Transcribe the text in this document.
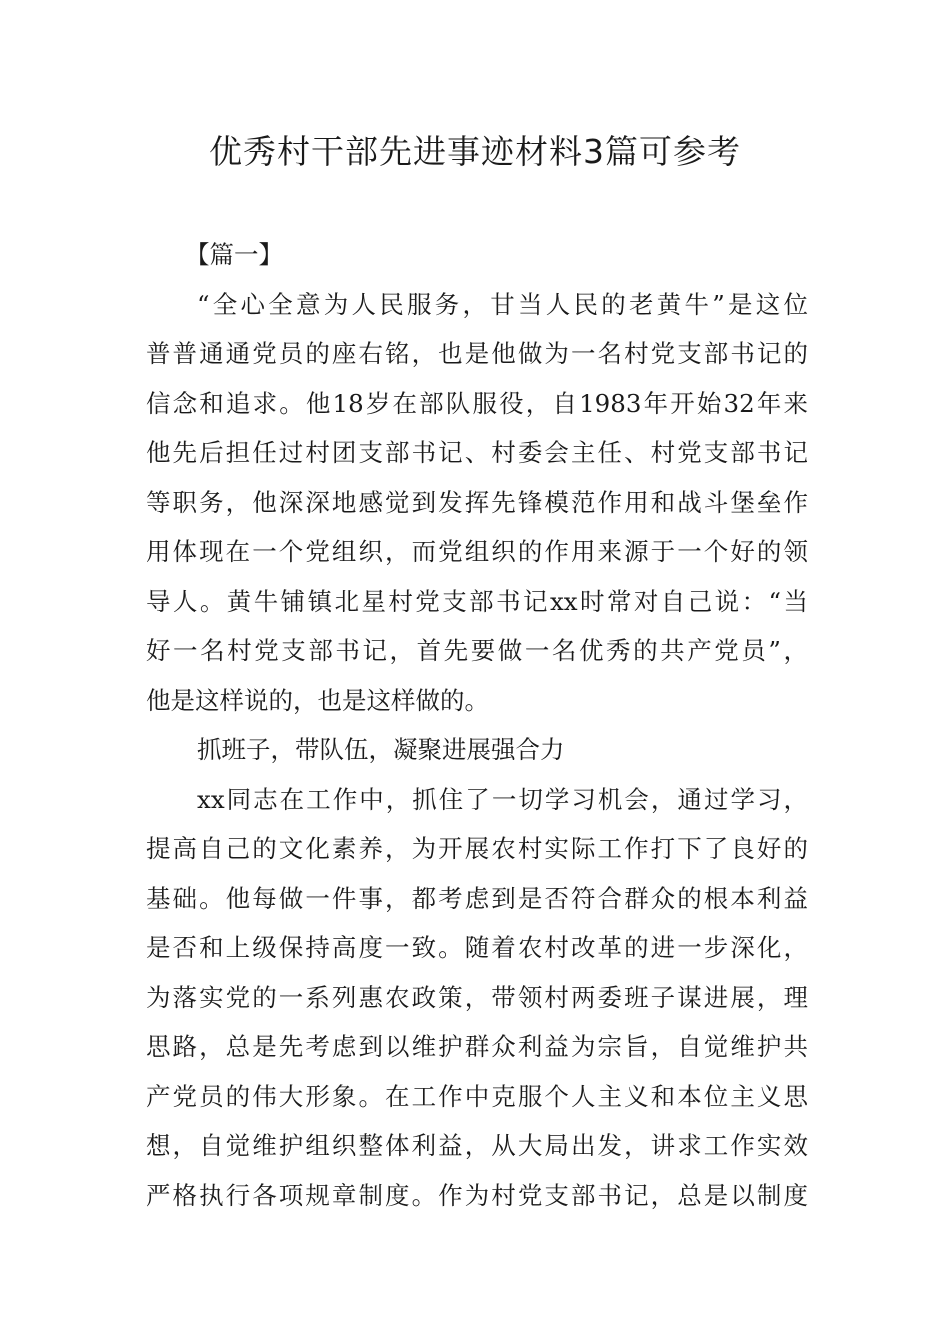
优秀村干部先进事迹材料3篇可参考
【篇一】
“全心全意为人民服务，甘当人民的老黄牛”是这位
普普通通党员的座右铭，也是他做为一名村党支部书记的
信念和追求。他18岁在部队服役，自1983年开始32年来
他先后担任过村团支部书记、村委会主任、村党支部书记
等职务，他深深地感觉到发挥先锋模范作用和战斗堡垒作
用体现在一个党组织，而党组织的作用来源于一个好的领
导人。黄牛铺镇北星村党支部书记xx时常对自己说：“当
好一名村党支部书记，首先要做一名优秀的共产党员”，
他是这样说的，也是这样做的。
抓班子，带队伍，凝聚进展强合力
xx同志在工作中，抓住了一切学习机会，通过学习，
提高自己的文化素养，为开展农村实际工作打下了良好的
基础。他每做一件事，都考虑到是否符合群众的根本利益
是否和上级保持高度一致。随着农村改革的进一步深化，
为落实党的一系列惠农政策，带领村两委班子谋进展，理
思路，总是先考虑到以维护群众利益为宗旨，自觉维护共
产党员的伟大形象。在工作中克服个人主义和本位主义思
想，自觉维护组织整体利益，从大局出发，讲求工作实效
严格执行各项规章制度。作为村党支部书记，总是以制度
